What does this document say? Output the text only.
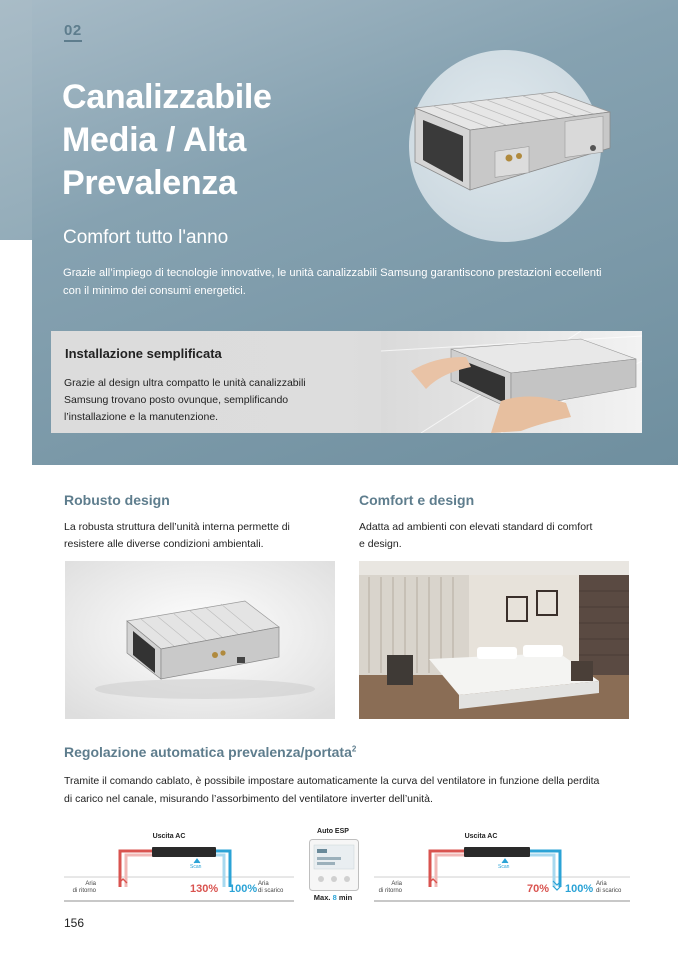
02
Canalizzabile
Media / Alta
Prevalenza
Comfort tutto l'anno
Grazie all’impiego di tecnologie innovative, le unità canalizzabili Samsung garantiscono prestazioni eccellenti
con il minimo dei consumi energetici.
Installazione semplificata
Grazie al design ultra compatto le unità canalizzabili
Samsung trovano posto ovunque, semplificando
l’installazione e la manutenzione.
Robusto design
La robusta struttura dell’unità interna permette di
resistere alle diverse condizioni ambientali.
Comfort e design
Adatta ad ambienti con elevati standard di comfort
e design.
Regolazione automatica prevalenza/portata$^2$
Tramite il comando cablato, è possibile impostare automaticamente la curva del ventilatore in funzione della perdita
di carico nel canale, misurando l’assorbimento del ventilatore inverter dell’unità.
Uscita AC
Scan
Aria
di ritorno	130% 100% Aria
di scarico
Auto ESP
Max. 8 min
Uscita AC
Scan
Aria
di ritorno	70% 100% Aria
di scarico
156
